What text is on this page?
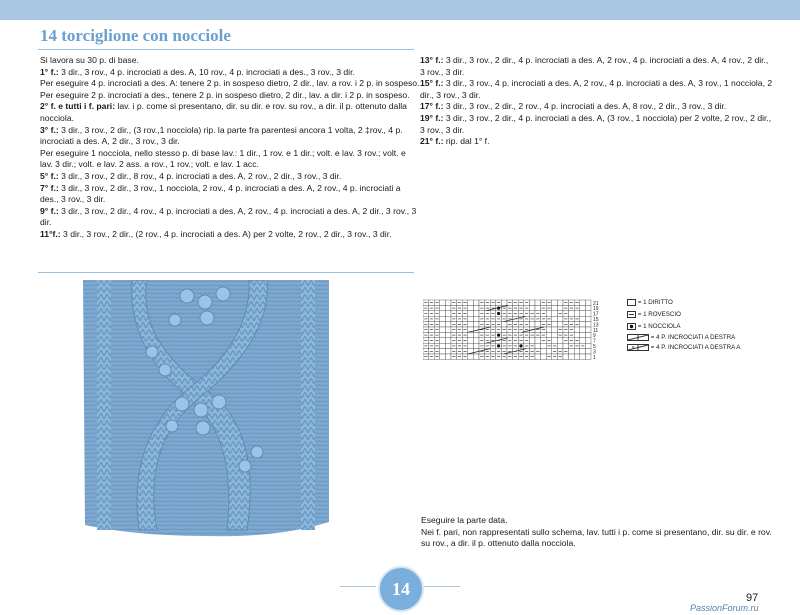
14 torciglione con nocciole

Si lavora su 30 p. di base.

1° f.: 3 dir., 3 rov., 4 p. incrociati a des. A, 10 rov., 4 p. incrociati a des., 3 rov., 3 dir.

Per eseguire 4 p. incrociati a des. A: tenere 2 p. in sospeso dietro, 2 dir., lav. a rov. i 2 p. in sospeso.

Per eseguire 2 p. incrociati a des., tenere 2 p. in sospeso dietro, 2 dir., lav. a dir. i 2 p. in sospeso.

2° f. e tutti i f. pari: lav. i p. come si presentano, dir. su dir. e rov. su rov., a dir. il p. ottenuto dalla nocciola.

3° f.: 3 dir., 3 rov., 2 dir., (3 rov.,1 nocciola) rip. la parte fra parentesi ancora 1 volta, 2 ‡rov., 4 p. incrociati a des. A, 2 dir., 3 rov., 3 dir.

Per eseguire 1 nocciola, nello stesso p. di base lav.: 1 dir., 1 rov. e 1 dir.; volt. e lav. 3 rov.; volt. e lav. 3 dir.; volt. e lav. 2 ass. a rov., 1 rov.; volt. e lav. 1 acc.

5° f.: 3 dir., 3 rov., 2 dir., 8 rov., 4 p. incrociati a des. A, 2 rov., 2 dir., 3 rov., 3 dir.

7° f.: 3 dir., 3 rov., 2 dir., 3 rov., 1 nocciola, 2 rov., 4 p. incrociati a des. A, 2 rov., 4 p. incrociati a des., 3 rov., 3 dir.

9° f.: 3 dir., 3 rov., 2 dir., 4 rov., 4 p. incrociati a des. A, 2 rov., 4 p. incrociati a des. A, 2 dir., 3 rov., 3 dir.

11°f.: 3 dir., 3 rov., 2 dir., (2 rov., 4 p. incrociati a des. A) per 2 volte, 2 rov., 2 dir., 3 rov., 3 dir.

13° f.: 3 dir., 3 rov., 2 dir., 4 p. incrociati a des. A, 2 rov., 4 p. incrociati a des. A, 4 rov., 2 dir., 3 rov., 3 dir.

15° f.: 3 dir., 3 rov., 4 p. incrociati a des. A, 2 rov., 4 p. incrociati a des. A, 3 rov., 1 nocciola, 2 dir., 3 rov., 3 dir.

17° f.: 3 dir., 3 rov., 2 dir., 2 rov., 4 p. incrociati a des. A, 8 rov., 2 dir., 3 rov., 3 dir.

19° f.: 3 dir., 3 rov., 2 dir., 4 p. incrociati a des. A, (3 rov., 1 nocciola) per 2 volte, 2 rov., 2 dir., 3 rov., 3 dir.

21° f.: rip. dal 1° f.

21
19
17
15
13
11
9
7
5
3
1
= 1 DIRITTO
= 1 ROVESCIO
= 1 NOCCIOLA
= 4 P. INCROCIATI A DESTRA
= 4 P. INCROCIATI A DESTRA A

Eseguire la parte data.

Nei f. pari, non rappresentati sullo schema, lav. tutti i p. come si presentano, dir. su dir. e rov. su rov., a dir. il p. ottenuto dalla nocciola.

14	97
PassionForum.ru
